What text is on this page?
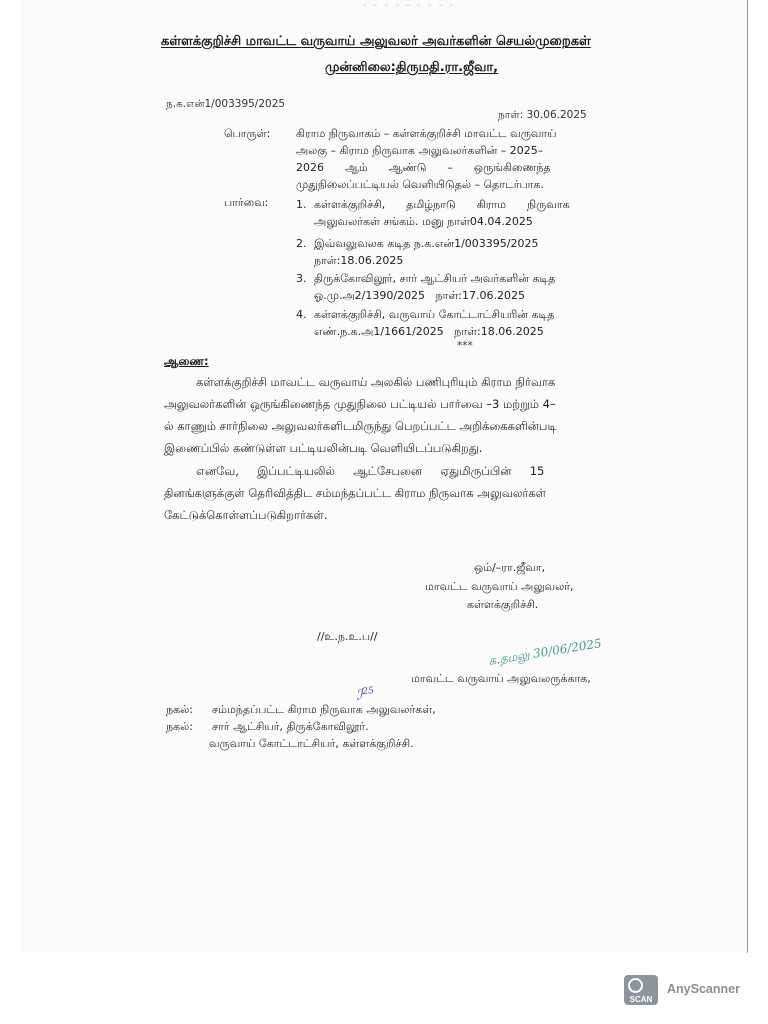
‐ ‐ ‐ ‐ ‐ ‐ ‐ ‐ ‐
கள்ளக்குறிச்சி மாவட்ட வருவாய் அலுவலர் அவர்களின் செயல்முறைகள்
முன்னிலை:திருமதி.ரா.ஜீவா,
ந.க.என்1/003395/2025
நாள்: 30.06.2025
பொருள்: கிராம நிருவாகம் – கள்ளக்குறிச்சி மாவட்ட வருவாய்
அலகு – கிராம நிருவாக அலுவலர்களின் – 2025–
2026      ஆம்      ஆண்டு      –      ஒருங்கிணைந்த
முதுநிலைப்பட்டியல் வெளியிடுதல் – தொடர்பாக.
பார்வை:	1. கள்ளக்குறிச்சி,      தமிழ்நாடு      கிராம      நிருவாக
அலுவலர்கள் சங்கம். மனு நாள்04.04.2025
2. இவ்வலுவலக கடித ந.க.என்1/003395/2025
நாள்:18.06.2025
3. திருக்கோவிலூர், சார் ஆட்சியர் அவர்களின் கடித
ஓ.மு.அ2/1390/2025   நாள்:17.06.2025
4. கள்ளக்குறிச்சி, வருவாய் கோட்டாட்சியரின் கடித
எண்.ந.க.அ1/1661/2025   நாள்:18.06.2025
***
ஆணை:
கள்ளக்குறிச்சி மாவட்ட வருவாய் அலகில் பணிபுரியும் கிராம நிர்வாக
அலுவலர்களின் ஒருங்கிணைந்த முதுநிலை பட்டியல் பார்வை –3 மற்றும் 4–
ல் காணும் சார்நிலை அலுவலர்களிடமிருந்து பெறப்பட்ட அறிக்கைகளின்படி
இணைப்பில் கண்டுள்ள பட்டியலின்படி வெளியிடப்படுகிறது.
எனவே,     இப்பட்டியலில்     ஆட்சேபனை     ஏதுமிருப்பின்     15
தினங்களுக்குள் தெரிவித்திட சம்மந்தப்பட்ட கிராம நிருவாக அலுவலர்கள்
கேட்டுக்கொள்ளப்படுகிறார்கள்.
ஒம்/–ரா.ஜீவா,
மாவட்ட வருவாய் அலுவலர்,
கள்ளக்குறிச்சி.
//உ.ந.உ.ப//	க.தமலு 30/06/2025
மாவட்ட வருவாய் அலுவலருக்காக,
ℐ$^{25}$
நகல்: சம்மந்தப்பட்ட கிராம நிருவாக அலுவலர்கள்,
நகல்: சார் ஆட்சியர், திருக்கோவிலூர்.
வருவாய் கோட்டாட்சியர், கள்ளக்குறிச்சி.
SCAN
AnyScanner
